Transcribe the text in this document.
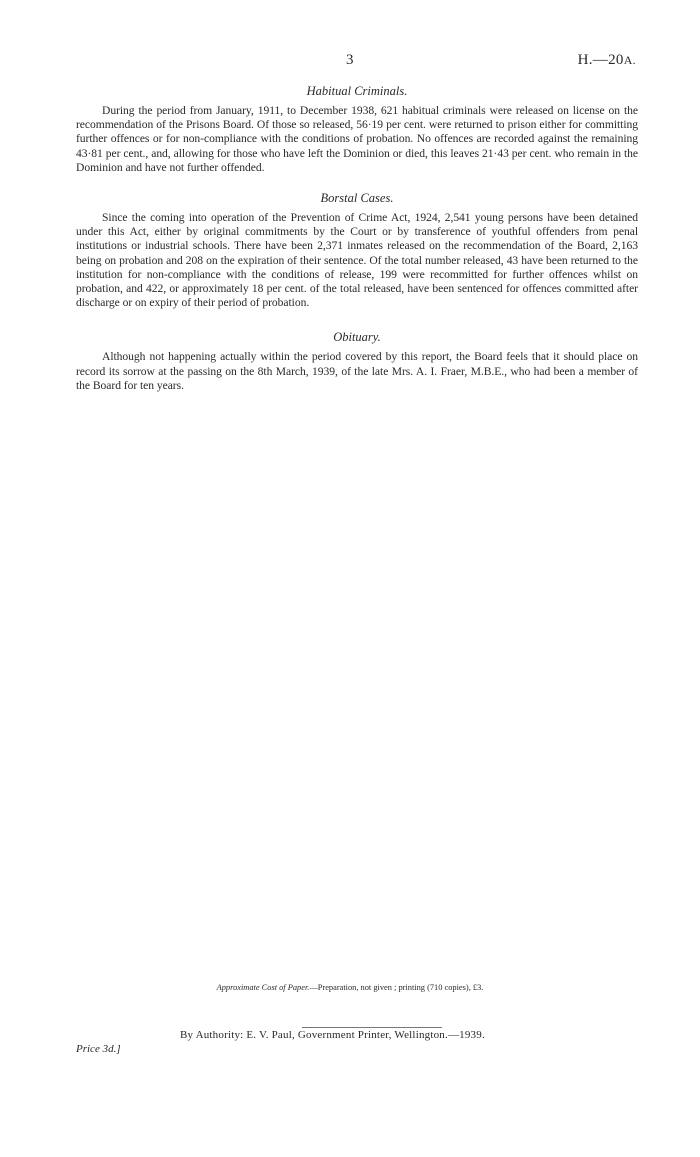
3	H.—20A.
Habitual Criminals.

During the period from January, 1911, to December 1938, 621 habitual criminals were released on license on the recommendation of the Prisons Board. Of those so released, 56·19 per cent. were returned to prison either for committing further offences or for non-compliance with the conditions of probation. No offences are recorded against the remaining 43·81 per cent., and, allowing for those who have left the Dominion or died, this leaves 21·43 per cent. who remain in the Dominion and have not further offended.

Borstal Cases.

Since the coming into operation of the Prevention of Crime Act, 1924, 2,541 young persons have been detained under this Act, either by original commitments by the Court or by transference of youthful offenders from penal institutions or industrial schools. There have been 2,371 inmates released on the recommendation of the Board, 2,163 being on probation and 208 on the expiration of their sentence. Of the total number released, 43 have been returned to the institution for non-compliance with the conditions of release, 199 were recommitted for further offences whilst on probation, and 422, or approximately 18 per cent. of the total released, have been sentenced for offences committed after discharge or on expiry of their period of probation.

Obituary.

Although not happening actually within the period covered by this report, the Board feels that it should place on record its sorrow at the passing on the 8th March, 1939, of the late Mrs. A. I. Fraer, M.B.E., who had been a member of the Board for ten years.

Approximate Cost of Paper.—Preparation, not given ; printing (710 copies), £3.
By Authority: E. V. Paul, Government Printer, Wellington.—1939.
Price 3d.]
